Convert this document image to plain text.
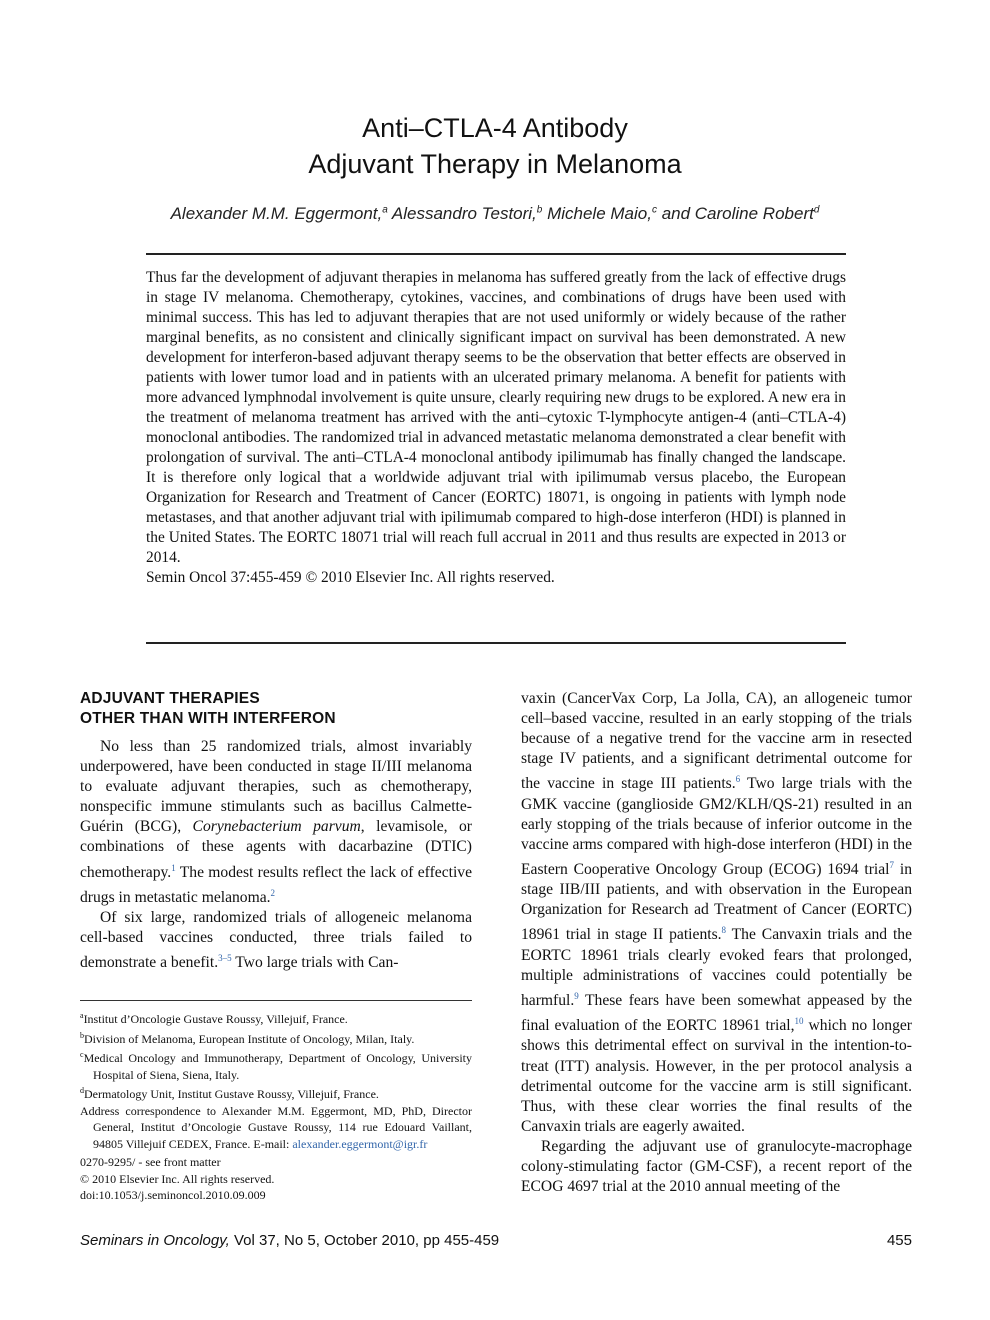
Anti–CTLA-4 Antibody
Adjuvant Therapy in Melanoma
Alexander M.M. Eggermont,$^a$ Alessandro Testori,$^b$ Michele Maio,$^c$ and Caroline Robert$^d$

Thus far the development of adjuvant therapies in melanoma has suffered greatly from the lack of effective drugs in stage IV melanoma. Chemotherapy, cytokines, vaccines, and combinations of drugs have been used with minimal success. This has led to adjuvant therapies that are not used uniformly or widely because of the rather marginal benefits, as no consistent and clinically significant impact on survival has been demonstrated. A new development for interferon-based adjuvant therapy seems to be the observation that better effects are observed in patients with lower tumor load and in patients with an ulcerated primary melanoma. A benefit for patients with more advanced lymphnodal involvement is quite unsure, clearly requiring new drugs to be explored. A new era in the treatment of melanoma treatment has arrived with the anti–cytoxic T-lymphocyte antigen-4 (anti–CTLA-4) monoclonal antibodies. The randomized trial in advanced metastatic melanoma demonstrated a clear benefit with prolongation of survival. The anti–CTLA-4 monoclonal antibody ipilimumab has finally changed the landscape. It is therefore only logical that a worldwide adjuvant trial with ipilimumab versus placebo, the European Organization for Research and Treatment of Cancer (EORTC) 18071, is ongoing in patients with lymph node metastases, and that another adjuvant trial with ipilimumab compared to high-dose interferon (HDI) is planned in the United States. The EORTC 18071 trial will reach full accrual in 2011 and thus results are expected in 2013 or 2014.

Semin Oncol 37:455-459 © 2010 Elsevier Inc. All rights reserved.

ADJUVANT THERAPIES
OTHER THAN WITH INTERFERON

No less than 25 randomized trials, almost invariably underpowered, have been conducted in stage II/III melanoma to evaluate adjuvant therapies, such as chemotherapy, nonspecific immune stimulants such as bacillus Calmette-Guérin (BCG), Corynebacterium parvum, levamisole, or combinations of these agents with dacarbazine (DTIC) chemotherapy.$^1$ The modest results reflect the lack of effective drugs in metastatic melanoma.$^2$

Of six large, randomized trials of allogeneic melanoma cell-based vaccines conducted, three trials failed to demonstrate a benefit.$^{3-5}$ Two large trials with Can-

$^a$Institut d’Oncologie Gustave Roussy, Villejuif, France.
$^b$Division of Melanoma, European Institute of Oncology, Milan, Italy.
$^c$Medical Oncology and Immunotherapy, Department of Oncology, University Hospital of Siena, Siena, Italy.
$^d$Dermatology Unit, Institut Gustave Roussy, Villejuif, France.
Address correspondence to Alexander M.M. Eggermont, MD, PhD, Director General, Institut d’Oncologie Gustave Roussy, 114 rue Edouard Vaillant, 94805 Villejuif CEDEX, France. E-mail: alexander.eggermont@igr.fr
0270-9295/ - see front matter
© 2010 Elsevier Inc. All rights reserved.
doi:10.1053/j.seminoncol.2010.09.009

vaxin (CancerVax Corp, La Jolla, CA), an allogeneic tumor cell–based vaccine, resulted in an early stopping of the trials because of a negative trend for the vaccine arm in resected stage IV patients, and a significant detrimental outcome for the vaccine in stage III patients.$^6$ Two large trials with the GMK vaccine (ganglioside GM2/KLH/QS-21) resulted in an early stopping of the trials because of inferior outcome in the vaccine arms compared with high-dose interferon (HDI) in the Eastern Cooperative Oncology Group (ECOG) 1694 trial$^7$ in stage IIB/III patients, and with observation in the European Organization for Research ad Treatment of Cancer (EORTC) 18961 trial in stage II patients.$^8$ The Canvaxin trials and the EORTC 18961 trials clearly evoked fears that prolonged, multiple administrations of vaccines could potentially be harmful.$^9$ These fears have been somewhat appeased by the final evaluation of the EORTC 18961 trial,$^{10}$ which no longer shows this detrimental effect on survival in the intention-to-treat (ITT) analysis. However, in the per protocol analysis a detrimental outcome for the vaccine arm is still significant. Thus, with these clear worries the final results of the Canvaxin trials are eagerly awaited.

Regarding the adjuvant use of granulocyte-macrophage colony-stimulating factor (GM-CSF), a recent report of the ECOG 4697 trial at the 2010 annual meeting of the

Seminars in Oncology, Vol 37, No 5, October 2010, pp 455-459	455
